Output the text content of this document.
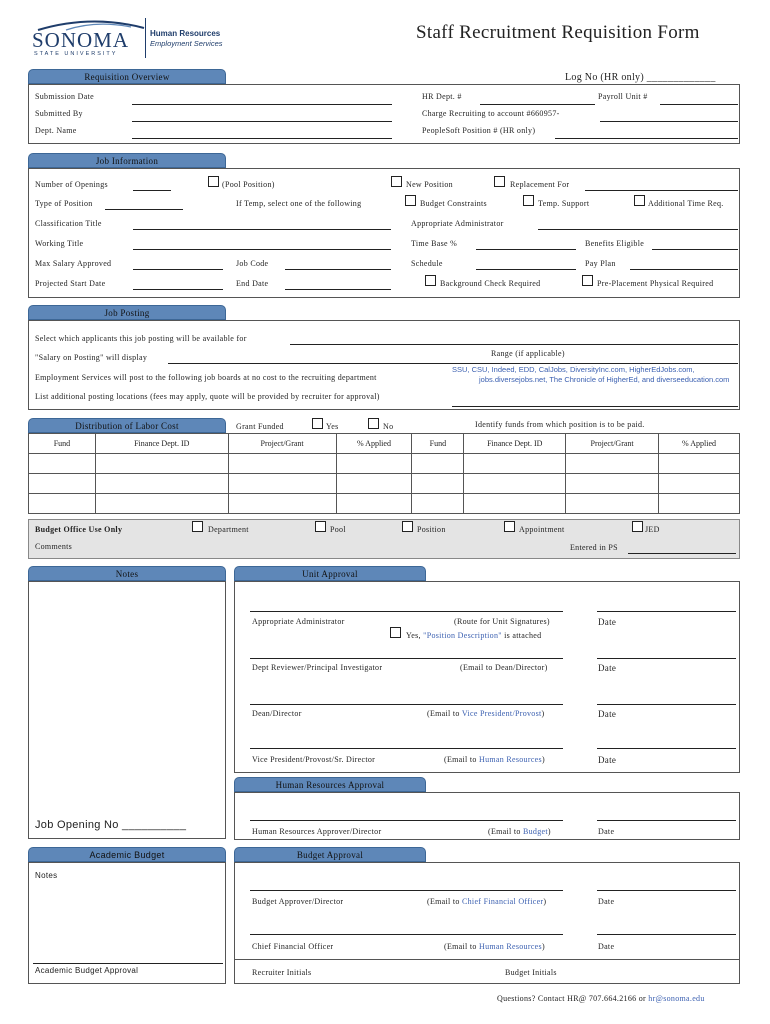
SONOMA
STATE UNIVERSITY
Human Resources
Employment Services
Staff Recruitment Requisition Form
Requisition Overview	Log No (HR only) _____________
Submission Date
Submitted By
Dept. Name
HR Dept. #	Payroll Unit #
Charge Recruiting to account #660957-
PeopleSoft Position # (HR only)
Job Information
Number of Openings	(Pool Position)	New Position	Replacement For
Type of Position	If Temp, select one of the following	Budget Constraints	Temp. Support	Additional Time Req.
Classification Title	Appropriate Administrator
Working Title	Time Base %	Benefits Eligible
Max Salary Approved	Job Code	Schedule	Pay Plan
Projected Start Date	End Date	Background Check Required	Pre-Placement Physical Required
Job Posting
Select which applicants this job posting will be available for
"Salary on Posting" will display	Range (if applicable)
Employment Services will post to the following job boards at no cost to the recruiting department
SSU, CSU, Indeed, EDD, CalJobs, DiversityInc.com, HigherEdJobs.com,
jobs.diversejobs.net, The Chronicle of HigherEd, and diverseeducation.com
List additional posting locations (fees may apply, quote will be provided by recruiter for approval)
Distribution of Labor Cost	Grant Funded	Yes	No	Identify funds from which position is to be paid.
Fund	Finance Dept. ID	Project/Grant	% Applied	Fund	Finance Dept. ID	Project/Grant	% Applied

Budget Office Use Only	Department	Pool	Position	Appointment	JED
Comments	Entered in PS
Notes
Job Opening No __________
Unit Approval
Appropriate Administrator	(Route for Unit Signatures)	Date
Yes, "Position Description" is attached
Dept Reviewer/Principal Investigator	(Email to Dean/Director)	Date
Dean/Director	(Email to Vice President/Provost)	Date
Vice President/Provost/Sr. Director	(Email to Human Resources)	Date
Human Resources Approval
Human Resources Approver/Director	(Email to Budget)	Date
Academic Budget
Notes
Academic Budget Approval
Budget Approval
Budget Approver/Director	(Email to Chief Financial Officer)	Date
Chief Financial Officer	(Email to Human Resources)	Date
Recruiter Initials	Budget Initials
Questions? Contact HR@ 707.664.2166 or hr@sonoma.edu
